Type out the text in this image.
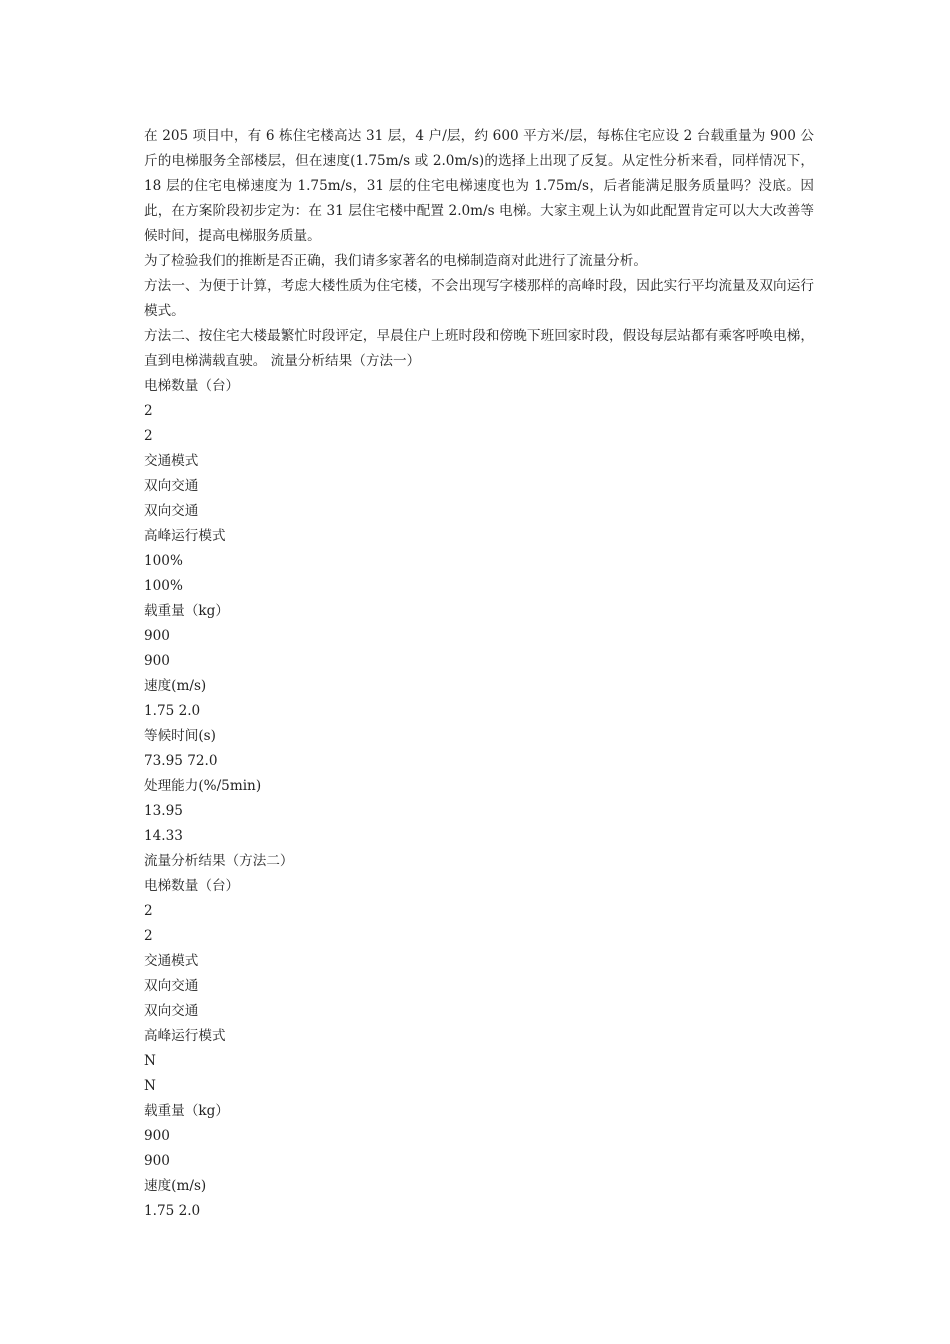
在 205 项目中，有 6 栋住宅楼高达 31 层，4 户/层，约 600 平方米/层，每栋住宅应设 2 台载重量为 900 公斤的电梯服务全部楼层，但在速度(1.75m/s 或 2.0m/s)的选择上出现了反复。从定性分析来看，同样情况下，18 层的住宅电梯速度为 1.75m/s，31 层的住宅电梯速度也为 1.75m/s，后者能满足服务质量吗？没底。因此，在方案阶段初步定为：在 31 层住宅楼中配置 2.0m/s 电梯。大家主观上认为如此配置肯定可以大大改善等候时间，提高电梯服务质量。

为了检验我们的推断是否正确，我们请多家著名的电梯制造商对此进行了流量分析。

方法一、为便于计算，考虑大楼性质为住宅楼，不会出现写字楼那样的高峰时段，因此实行平均流量及双向运行模式。

方法二、按住宅大楼最繁忙时段评定，早晨住户上班时段和傍晚下班回家时段，假设每层站都有乘客呼唤电梯，直到电梯满载直驶。 流量分析结果（方法一）

电梯数量（台）
2
2
交通模式
双向交通
双向交通
高峰运行模式
100%
100%
载重量（kg）
900
900
速度(m/s)
1.75 2.0
等候时间(s)
73.95 72.0
处理能力(%/5min)
13.95
14.33
流量分析结果（方法二）
电梯数量（台）
2
2
交通模式
双向交通
双向交通
高峰运行模式
N
N
载重量（kg）
900
900
速度(m/s)
1.75 2.0
